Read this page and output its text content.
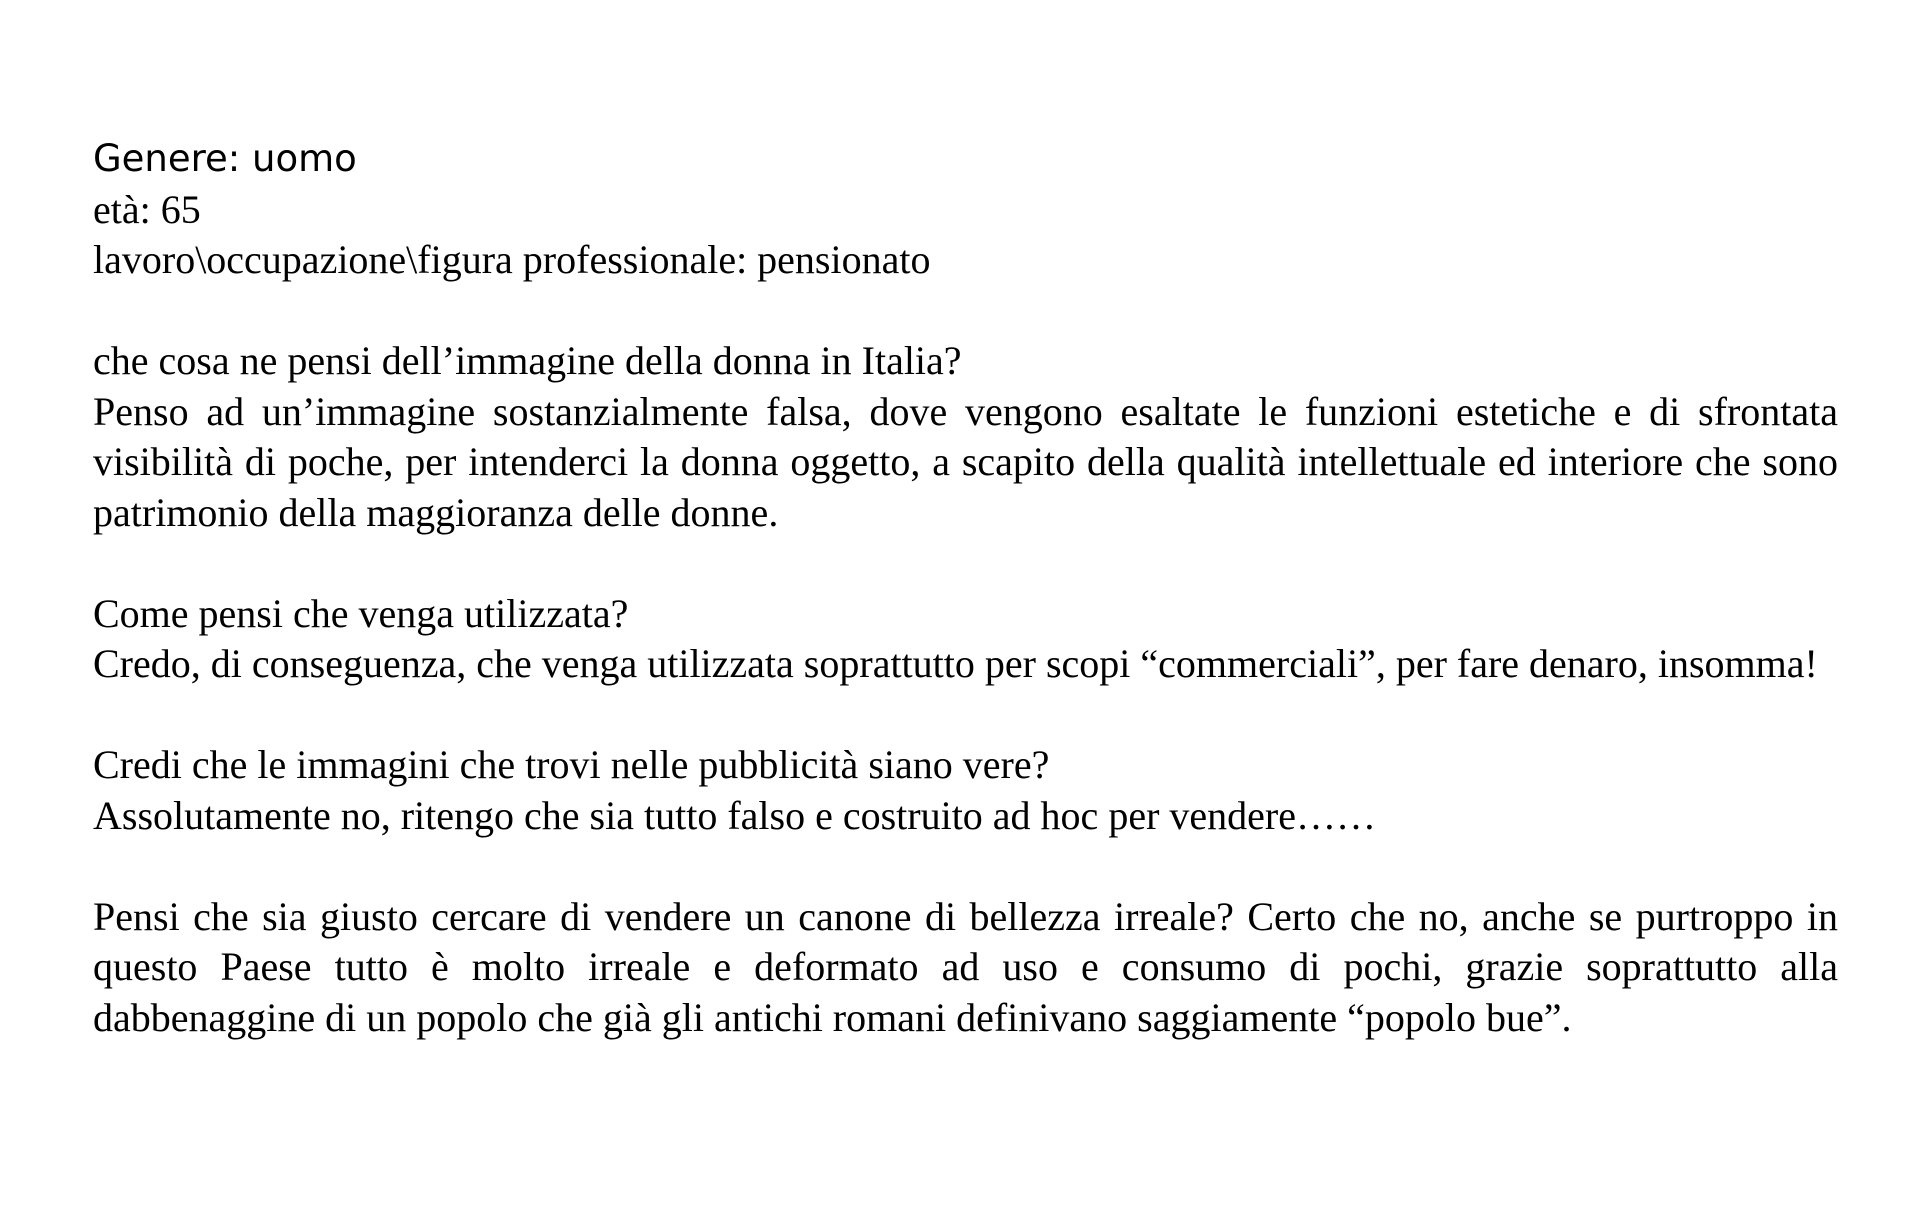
Genere: uomo
età: 65
lavoro\occupazione\figura professionale: pensionato
che cosa ne pensi dell’immagine della donna in Italia?
Penso ad un’immagine sostanzialmente falsa, dove vengono esaltate le funzioni estetiche e di sfrontata visibilità di poche, per intenderci la donna oggetto, a scapito della qualità intellettuale ed interiore che sono patrimonio della maggioranza delle donne.
Come pensi che venga utilizzata?
Credo, di conseguenza, che venga utilizzata soprattutto per scopi “commerciali”, per fare denaro, insomma!
Credi che le immagini che trovi nelle pubblicità siano vere?
Assolutamente no, ritengo che sia tutto falso e costruito ad hoc per vendere……
Pensi che sia giusto cercare di vendere un canone di bellezza irreale? Certo che no, anche se purtroppo in questo Paese tutto è molto irreale e deformato ad uso e consumo di pochi, grazie soprattutto alla dabbenaggine di un popolo che già gli antichi romani definivano saggiamente “popolo bue”.
